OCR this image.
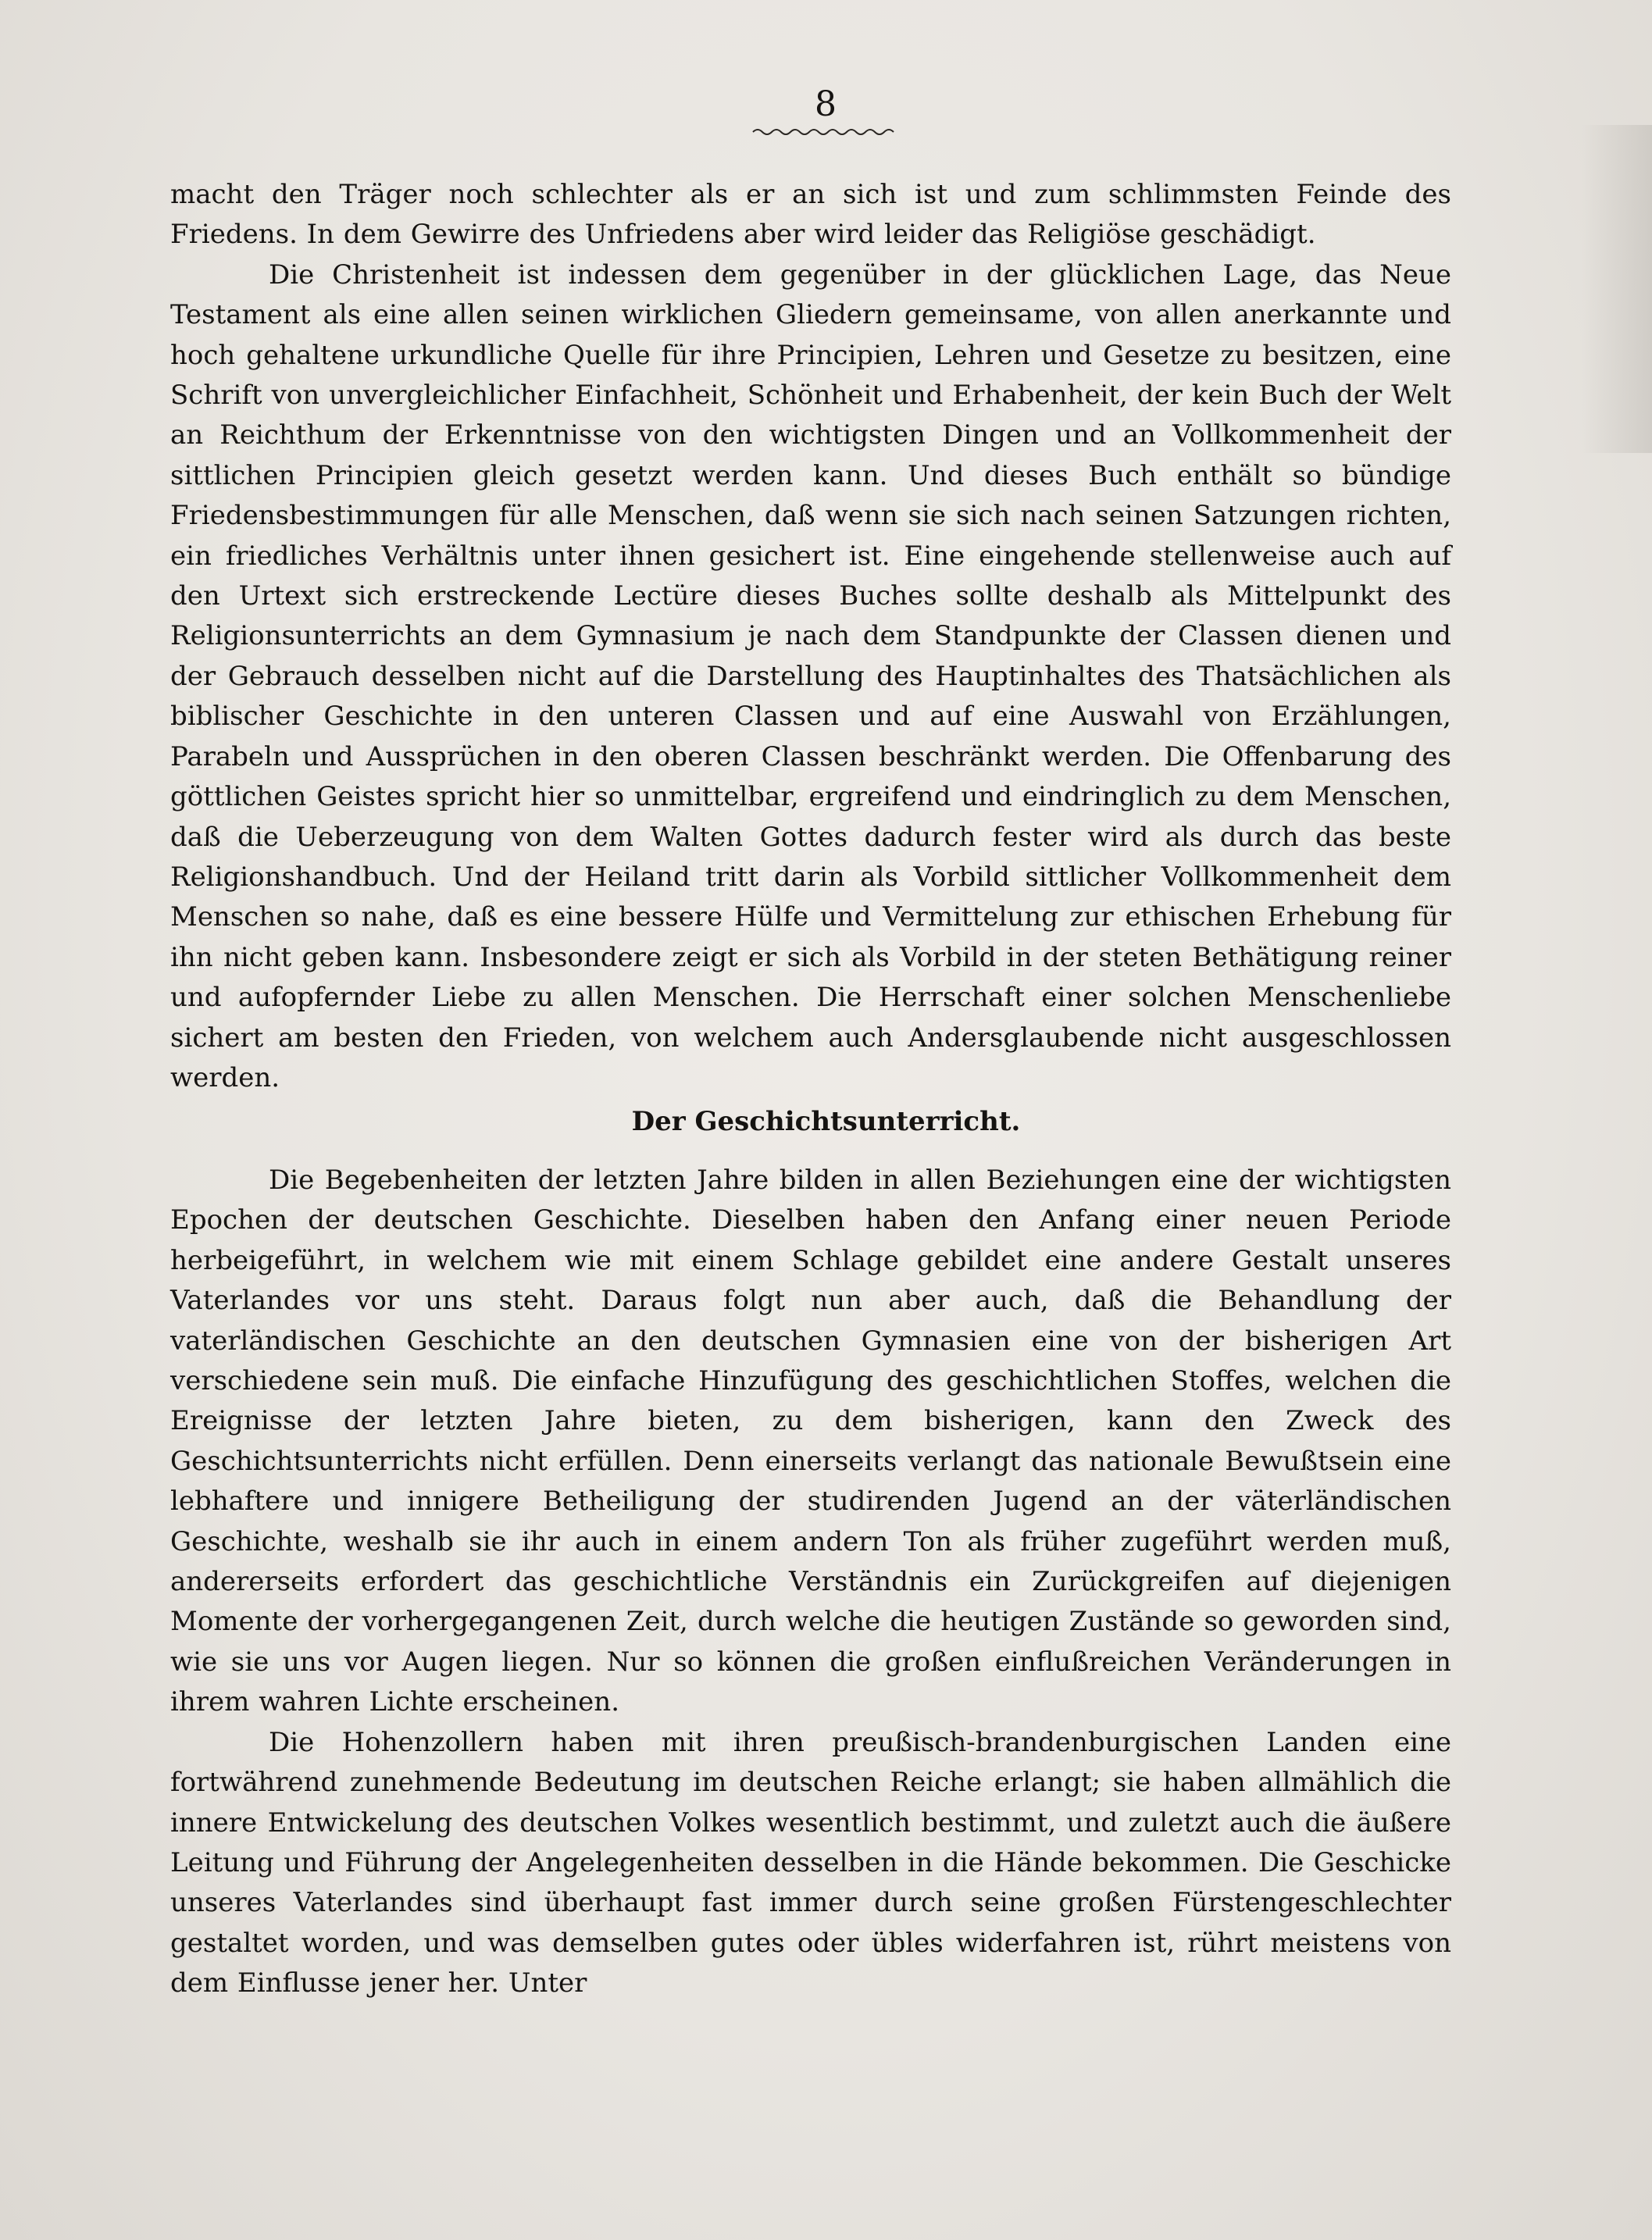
8

macht den Träger noch schlechter als er an sich ist und zum schlimmsten Feinde des Friedens. In dem Gewirre des Unfriedens aber wird leider das Religiöse geschädigt.

Die Christenheit ist indessen dem gegenüber in der glücklichen Lage, das Neue Testament als eine allen seinen wirklichen Gliedern gemeinsame, von allen anerkannte und hoch gehaltene urkundliche Quelle für ihre Principien, Lehren und Gesetze zu besitzen, eine Schrift von unvergleichlicher Einfachheit, Schönheit und Erhabenheit, der kein Buch der Welt an Reichthum der Erkenntnisse von den wichtigsten Dingen und an Vollkommenheit der sittlichen Principien gleich gesetzt werden kann. Und dieses Buch enthält so bündige Friedensbestimmungen für alle Menschen, daß wenn sie sich nach seinen Satzungen richten, ein friedliches Verhältnis unter ihnen gesichert ist. Eine eingehende stellenweise auch auf den Urtext sich erstreckende Lectüre dieses Buches sollte deshalb als Mittelpunkt des Religionsunterrichts an dem Gymnasium je nach dem Standpunkte der Classen dienen und der Gebrauch desselben nicht auf die Darstellung des Hauptinhaltes des Thatsächlichen als biblischer Geschichte in den unteren Classen und auf eine Auswahl von Erzählungen, Parabeln und Aussprüchen in den oberen Classen beschränkt werden. Die Offenbarung des göttlichen Geistes spricht hier so unmittelbar, ergreifend und eindringlich zu dem Menschen, daß die Ueberzeugung von dem Walten Gottes dadurch fester wird als durch das beste Religionshandbuch. Und der Heiland tritt darin als Vorbild sittlicher Vollkommenheit dem Menschen so nahe, daß es eine bessere Hülfe und Vermittelung zur ethischen Erhebung für ihn nicht geben kann. Insbesondere zeigt er sich als Vorbild in der steten Bethätigung reiner und aufopfernder Liebe zu allen Menschen. Die Herrschaft einer solchen Menschenliebe sichert am besten den Frieden, von welchem auch Andersglaubende nicht ausgeschlossen werden.

Der Geschichtsunterricht.

Die Begebenheiten der letzten Jahre bilden in allen Beziehungen eine der wichtigsten Epochen der deutschen Geschichte. Dieselben haben den Anfang einer neuen Periode herbeigeführt, in welchem wie mit einem Schlage gebildet eine andere Gestalt unseres Vaterlandes vor uns steht. Daraus folgt nun aber auch, daß die Behandlung der vaterländischen Geschichte an den deutschen Gymnasien eine von der bisherigen Art verschiedene sein muß. Die einfache Hinzufügung des geschichtlichen Stoffes, welchen die Ereignisse der letzten Jahre bieten, zu dem bisherigen, kann den Zweck des Geschichtsunterrichts nicht erfüllen. Denn einerseits verlangt das nationale Bewußtsein eine lebhaftere und innigere Betheiligung der studirenden Jugend an der väterländischen Geschichte, weshalb sie ihr auch in einem andern Ton als früher zugeführt werden muß, andererseits erfordert das geschichtliche Verständnis ein Zurückgreifen auf diejenigen Momente der vorhergegangenen Zeit, durch welche die heutigen Zustände so geworden sind, wie sie uns vor Augen liegen. Nur so können die großen einflußreichen Veränderungen in ihrem wahren Lichte erscheinen.

Die Hohenzollern haben mit ihren preußisch-brandenburgischen Landen eine fortwährend zunehmende Bedeutung im deutschen Reiche erlangt; sie haben allmählich die innere Entwickelung des deutschen Volkes wesentlich bestimmt, und zuletzt auch die äußere Leitung und Führung der Angelegenheiten desselben in die Hände bekommen. Die Geschicke unseres Vaterlandes sind überhaupt fast immer durch seine großen Fürstengeschlechter gestaltet worden, und was demselben gutes oder übles widerfahren ist, rührt meistens von dem Einflusse jener her. Unter
